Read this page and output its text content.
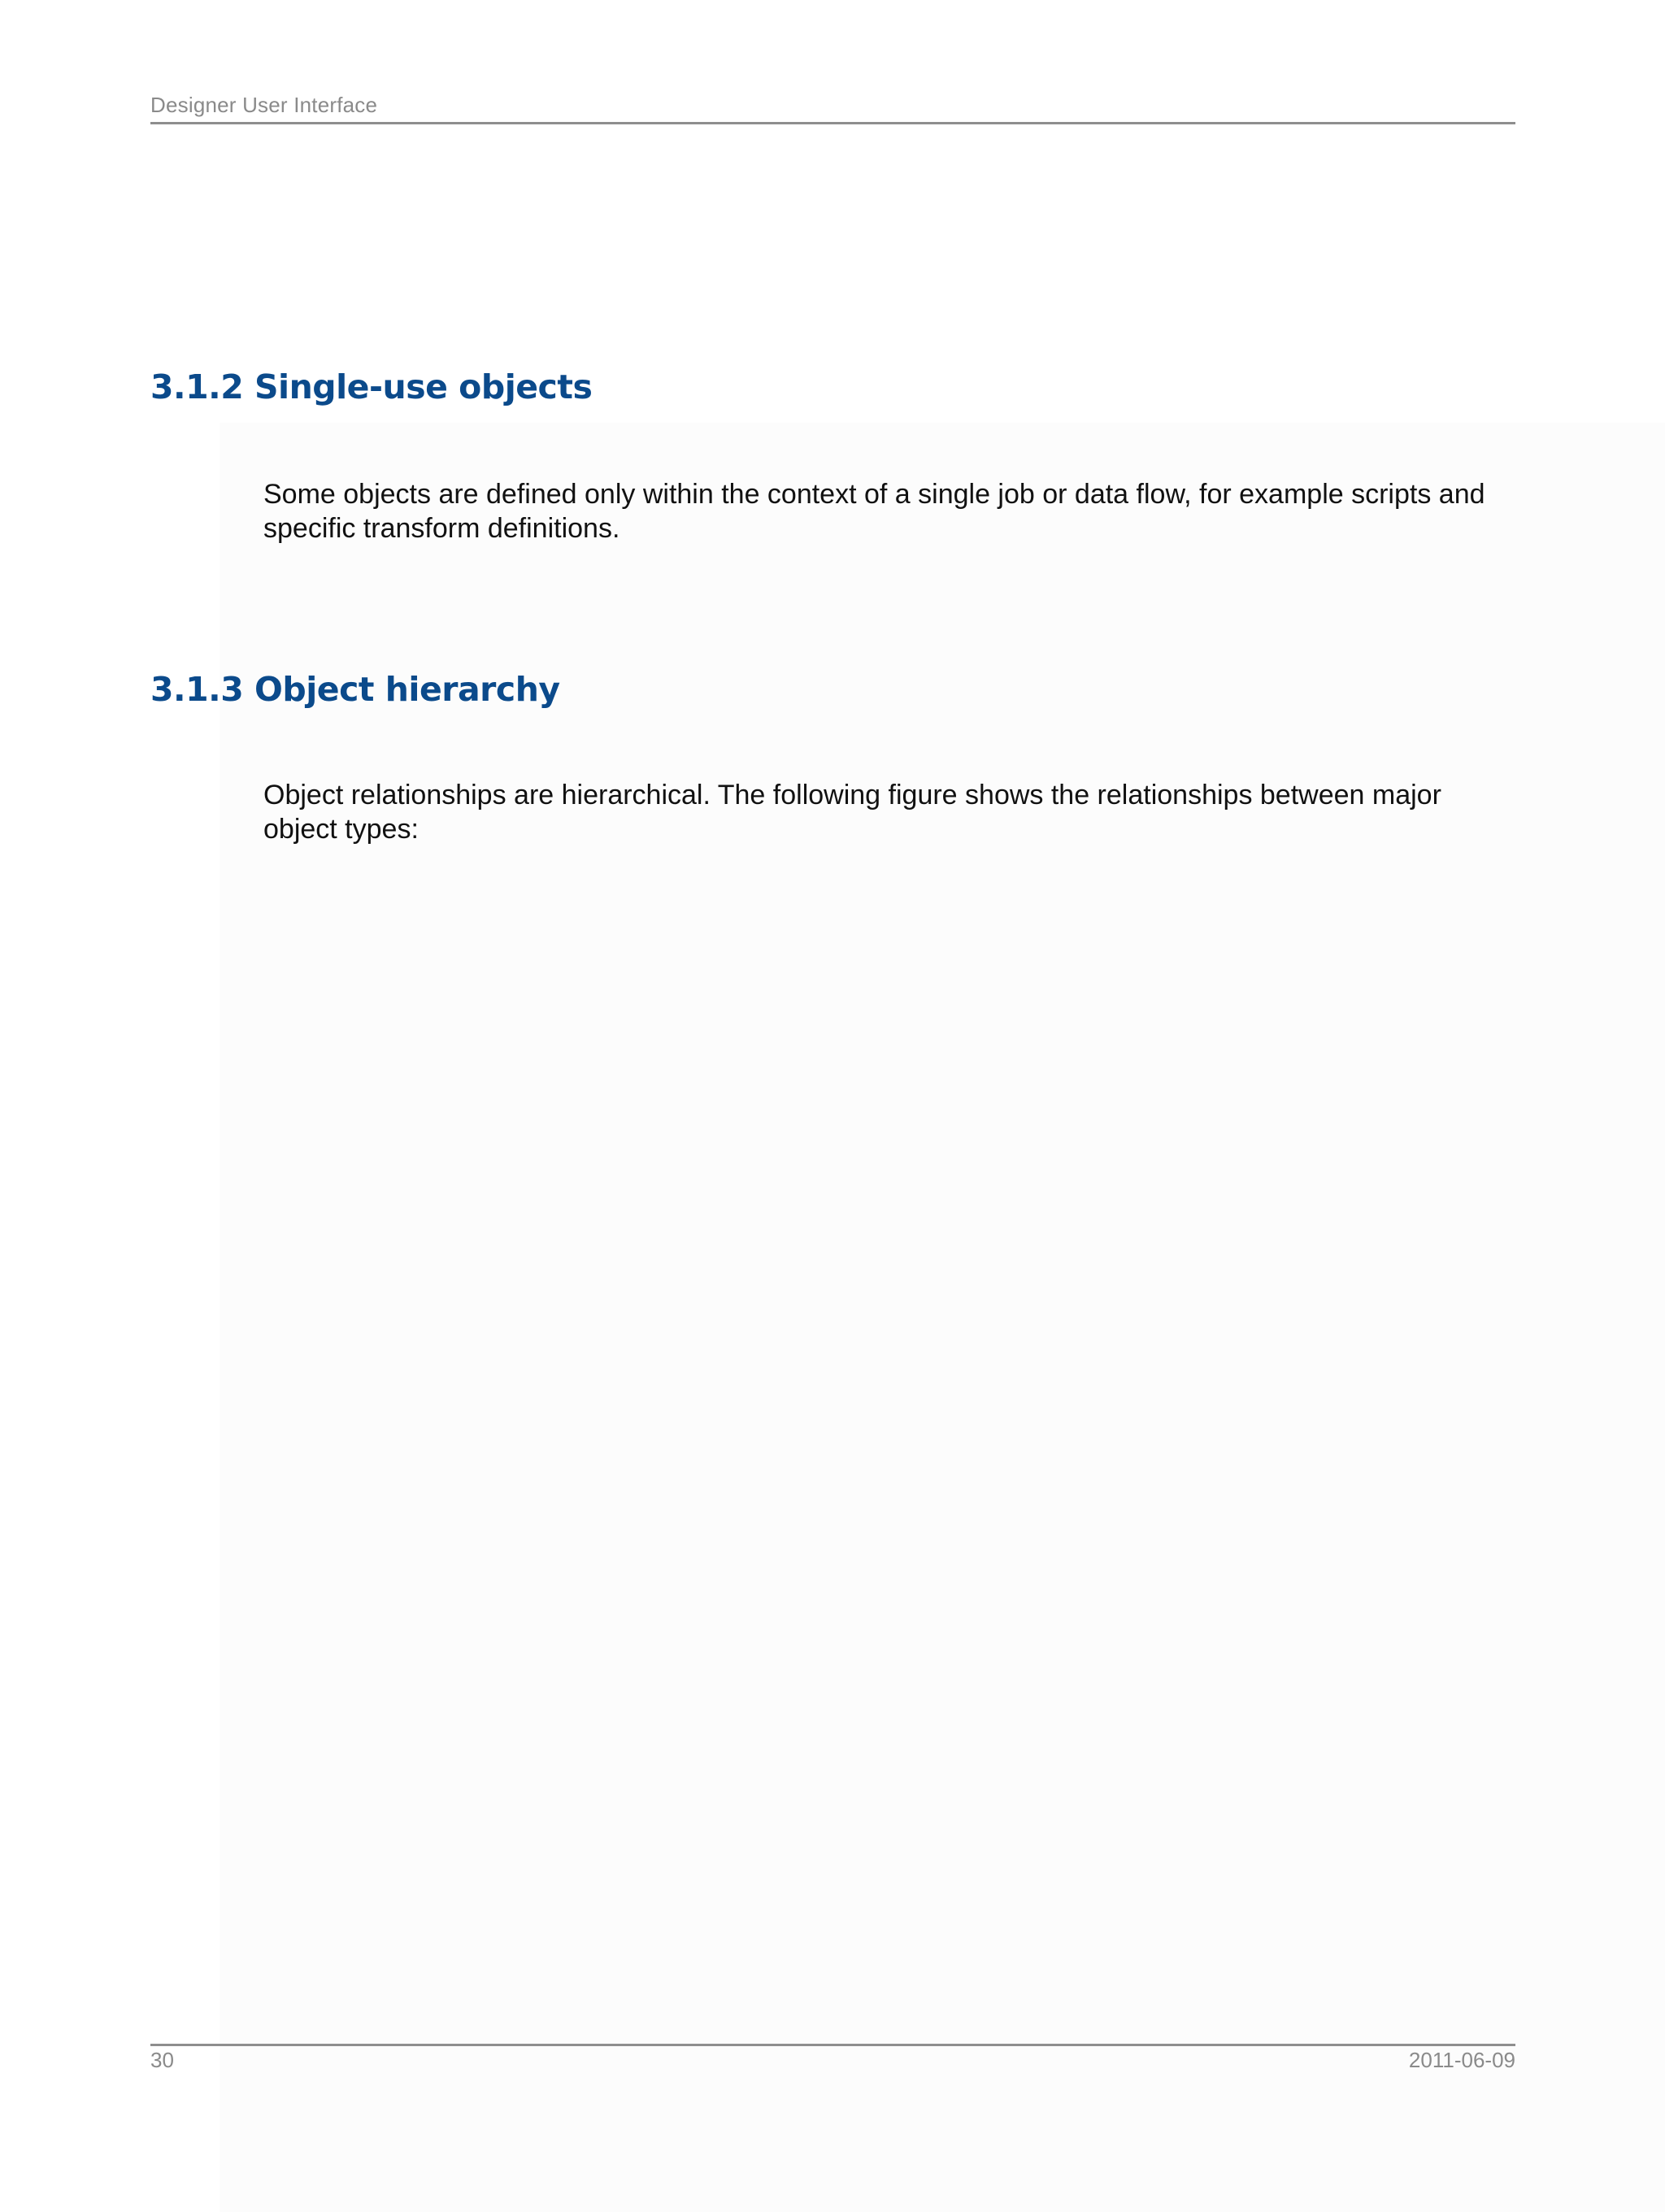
Designer User Interface
3.1.2 Single-use objects

Some objects are defined only within the context of a single job or data flow, for example scripts and specific transform definitions.

3.1.3 Object hierarchy

Object relationships are hierarchical. The following figure shows the relationships between major object types:

30	2011-06-09
